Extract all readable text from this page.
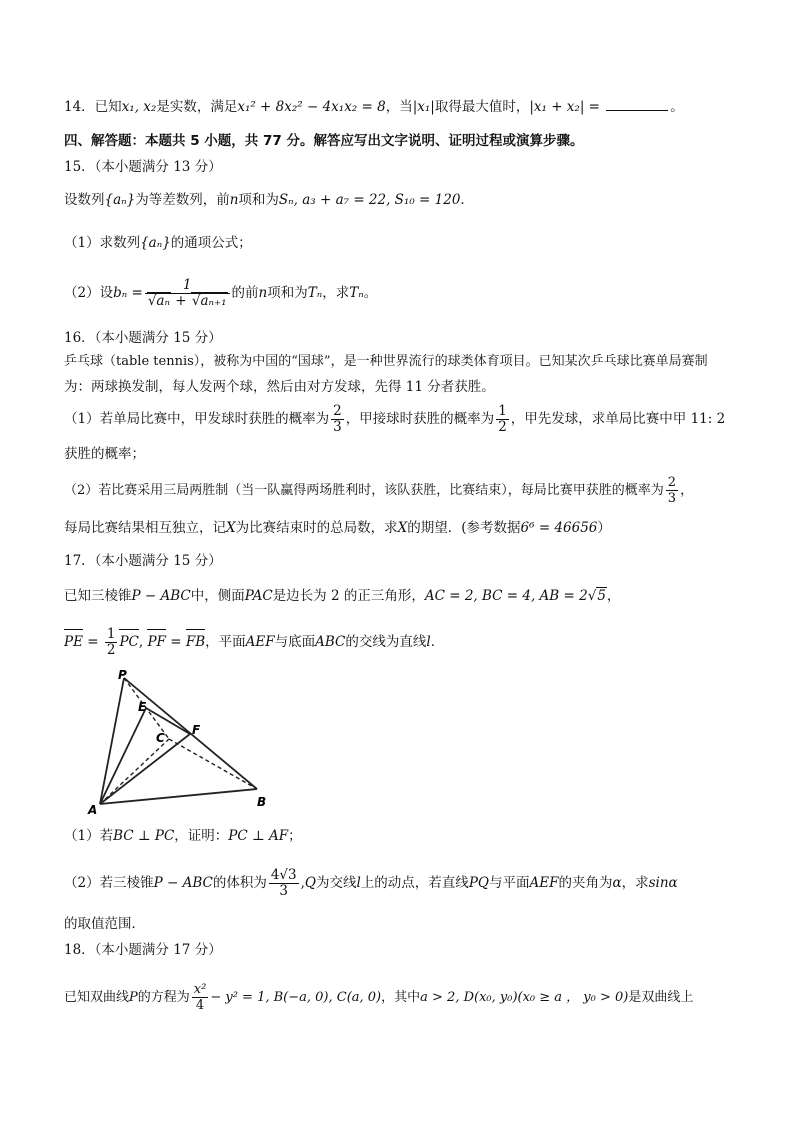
14．已知x₁, x₂是实数，满足x₁² + 8x₂² − 4x₁x₂ = 8，当|x₁|取得最大值时，|x₁ + x₂| =	。
四、解答题：本题共 5 小题，共 77 分。解答应写出文字说明、证明过程或演算步骤。
15．（本小题满分 13 分）
设数列{aₙ}为等差数列，前n项和为Sₙ, a₃ + a₇ = 22, S₁₀ = 120．
（1）求数列{aₙ}的通项公式；
（2）设$b_n = \frac{1}{\text{√aₙ + √aₙ₊₁}}$ 的前n项和为Tₙ，求Tₙ。
16．（本小题满分 15 分）
乒乓球（table tennis），被称为中国的“国球”，是一种世界流行的球类体育项目。已知某次乒乓球比赛单局赛制
为：两球换发制，每人发两个球，然后由对方发球，先得 11 分者获胜。
（1）若单局比赛中，甲发球时获胜的概率为 $\frac{2}{3}$ ，甲接球时获胜的概率为 $\frac{1}{2}$ ，甲先发球，求单局比赛中甲 11: 2
获胜的概率；
（2）若比赛采用三局两胜制（当一队赢得两场胜利时，该队获胜，比赛结束），每局比赛甲获胜的概率为 $\frac{2}{3}$ ，
每局比赛结果相互独立，记X为比赛结束时的总局数，求X的期望．(参考数据6⁶ = 46656）
17．（本小题满分 15 分）
已知三棱锥P − ABC中，侧面PAC是边长为 2 的正三角形，AC = 2, BC = 4, AB = 2√5，
PE = $\frac{1}{2}$ PC, PF = FB，平面AEF与底面ABC的交线为直线l．
P
E
C
F
A
B
（1）若BC ⊥ PC，证明：PC ⊥ AF；
（2）若三棱锥P − ABC的体积为 $\frac{4√3}{3} ,Q$为交线l上的动点，若直线PQ与平面AEF的夹角为α，求sinα
的取值范围．
18．（本小题满分 17 分）
已知双曲线P的方程为 $\frac{\text{x²}}{4} - y^2 = 1$, B(−a, 0), C(a, 0)，其中a > 2, D(x₀, y₀)(x₀ ≥ a ， y₀ > 0)是双曲线上
